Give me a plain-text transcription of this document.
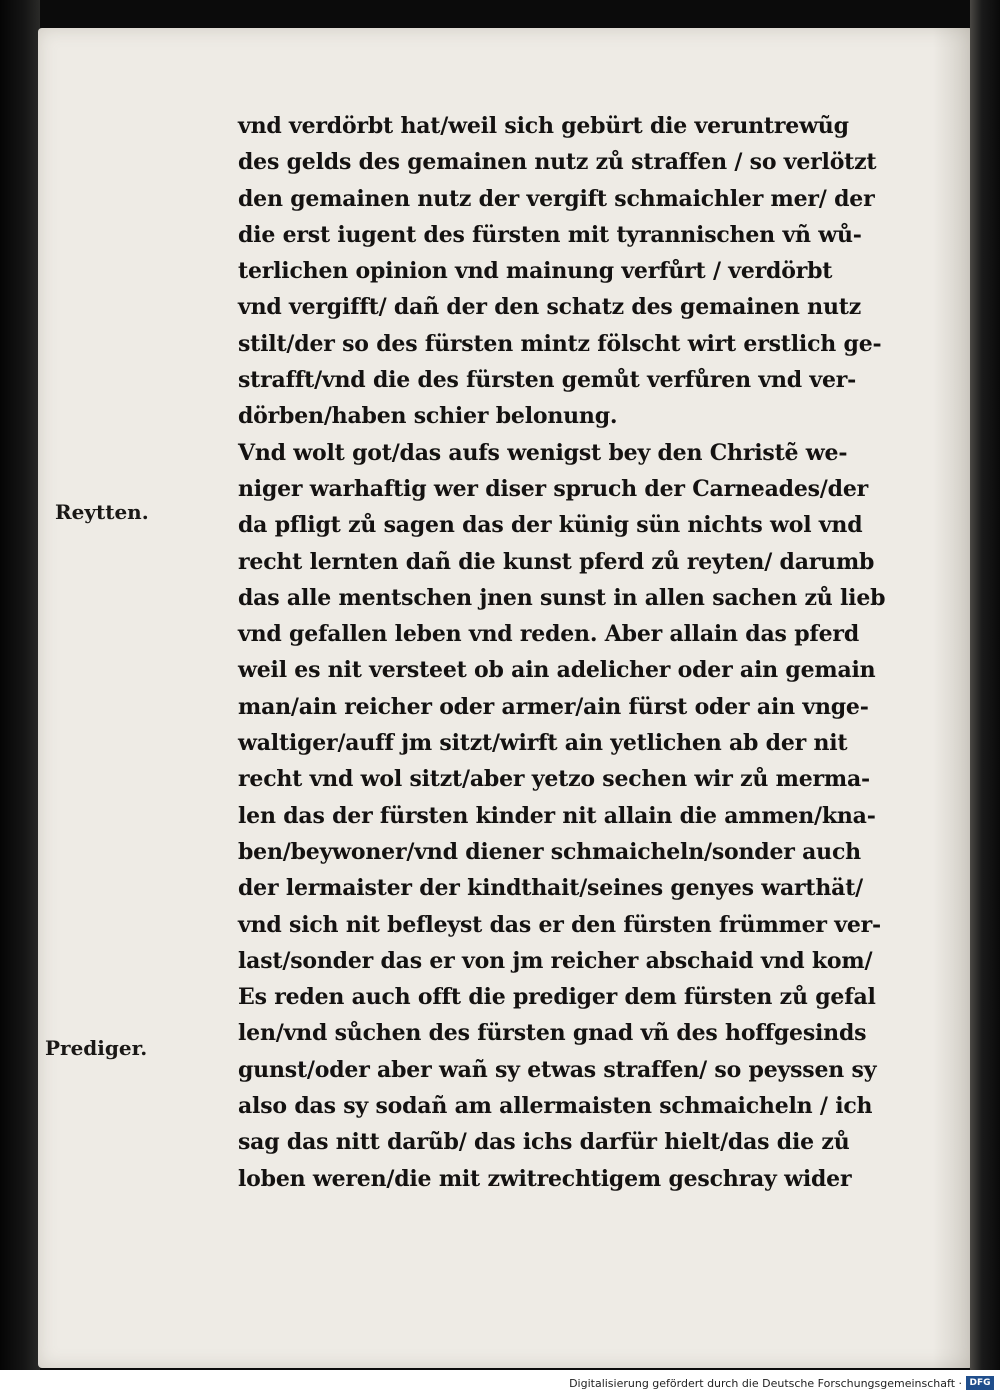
Reytten.
Prediger.
vnd verdörbt hat/weil sich gebürt die veruntrewũg
des gelds des gemainen nutz zů straffen / so verlötzt
den gemainen nutz der vergift schmaichler mer/ der
die erst iugent des fürsten mit tyrannischen vñ wů-
terlichen opinion vnd mainung verfůrt / verdörbt
vnd vergifft/ dañ der den schatz des gemainen nutz
stilt/der so des fürsten mintz fölscht wirt erstlich ge-
strafft/vnd die des fürsten gemůt verfůren vnd ver-
dörben/haben schier belonung.
Vnd wolt got/das aufs wenigst bey den Christẽ we-
niger warhaftig wer diser spruch der Carneades/der
da pfligt zů sagen das der künig sün nichts wol vnd
recht lernten dañ die kunst pferd zů reyten/ darumb
das alle mentschen jnen sunst in allen sachen zů lieb
vnd gefallen leben vnd reden. Aber allain das pferd
weil es nit versteet ob ain adelicher oder ain gemain
man/ain reicher oder armer/ain fürst oder ain vnge-
waltiger/auff jm sitzt/wirft ain yetlichen ab der nit
recht vnd wol sitzt/aber yetzo sechen wir zů merma-
len das der fürsten kinder nit allain die ammen/kna-
ben/beywoner/vnd diener schmaicheln/sonder auch
der lermaister der kindthait/seines genyes warthät/
vnd sich nit befleyst das er den fürsten frümmer ver-
last/sonder das er von jm reicher abschaid vnd kom/
Es reden auch offt die prediger dem fürsten zů gefal
len/vnd sůchen des fürsten gnad vñ des hoffgesinds
gunst/oder aber wañ sy etwas straffen/ so peyssen sy
also das sy sodañ am allermaisten schmaicheln / ich
sag das nitt darũb/ das ichs darfür hielt/das die zů
loben weren/die mit zwitrechtigem geschray wider
Digitalisierung gefördert durch die Deutsche Forschungsgemeinschaft · DFG
